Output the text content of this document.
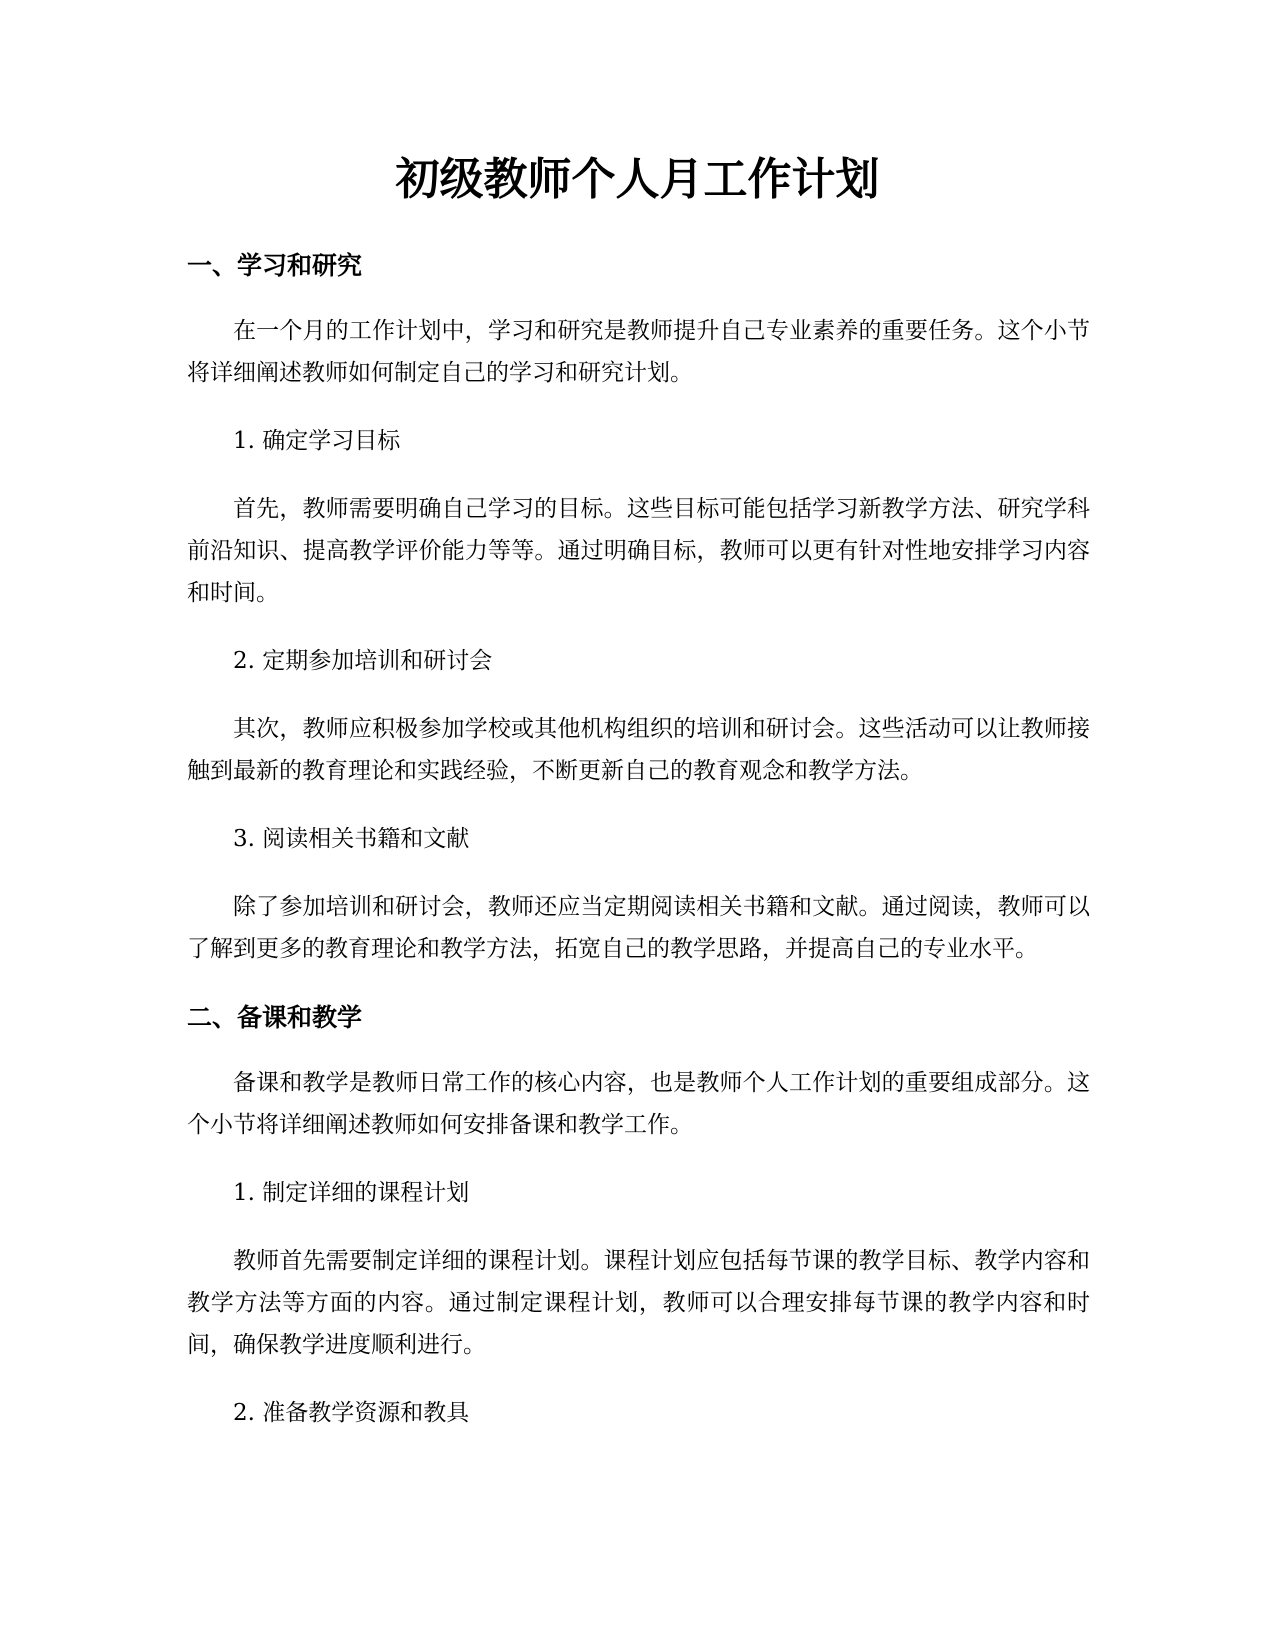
初级教师个人月工作计划
一、学习和研究

在一个月的工作计划中，学习和研究是教师提升自己专业素养的重要任务。这个小节将详细阐述教师如何制定自己的学习和研究计划。

1. 确定学习目标

首先，教师需要明确自己学习的目标。这些目标可能包括学习新教学方法、研究学科前沿知识、提高教学评价能力等等。通过明确目标，教师可以更有针对性地安排学习内容和时间。

2. 定期参加培训和研讨会

其次，教师应积极参加学校或其他机构组织的培训和研讨会。这些活动可以让教师接触到最新的教育理论和实践经验，不断更新自己的教育观念和教学方法。

3. 阅读相关书籍和文献

除了参加培训和研讨会，教师还应当定期阅读相关书籍和文献。通过阅读，教师可以了解到更多的教育理论和教学方法，拓宽自己的教学思路，并提高自己的专业水平。

二、备课和教学

备课和教学是教师日常工作的核心内容，也是教师个人工作计划的重要组成部分。这个小节将详细阐述教师如何安排备课和教学工作。

1. 制定详细的课程计划

教师首先需要制定详细的课程计划。课程计划应包括每节课的教学目标、教学内容和教学方法等方面的内容。通过制定课程计划，教师可以合理安排每节课的教学内容和时间，确保教学进度顺利进行。

2. 准备教学资源和教具
